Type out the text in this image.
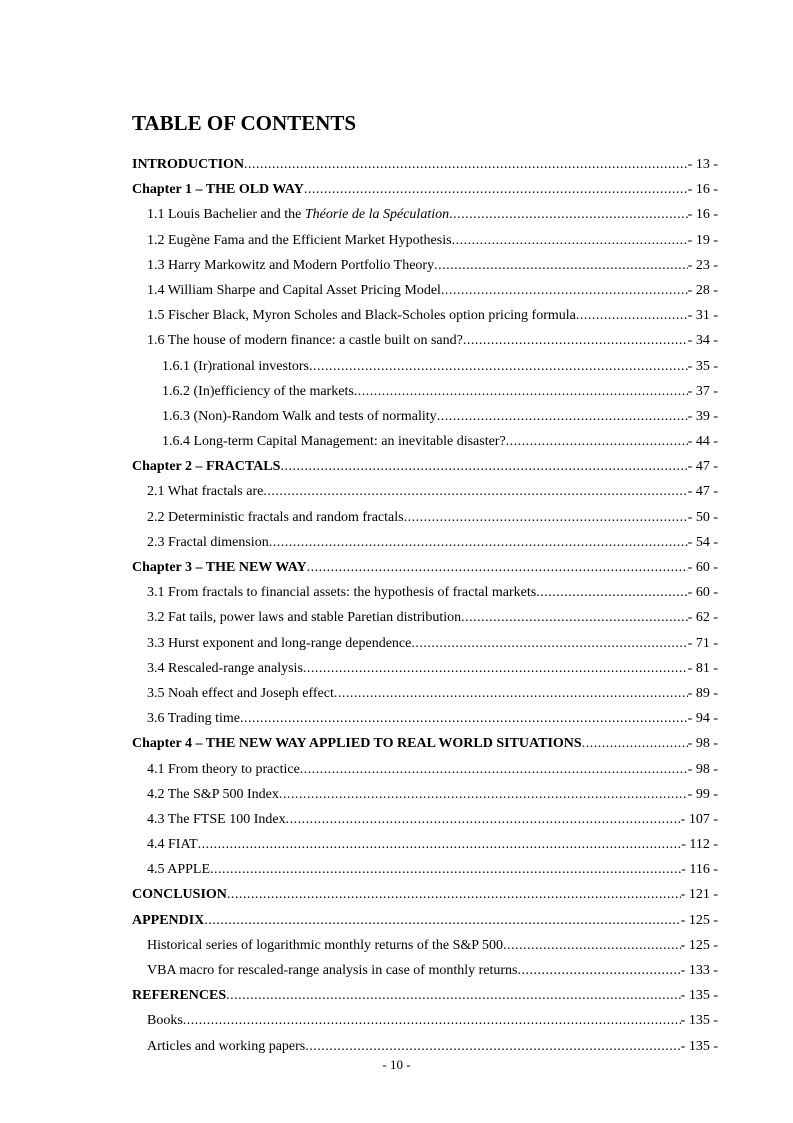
TABLE OF CONTENTS
INTRODUCTION .....	- 13 -
Chapter 1 – THE OLD WAY .....	- 16 -
1.1 Louis Bachelier and the Théorie de la Spéculation .....	- 16 -
1.2 Eugène Fama and the Efficient Market Hypothesis .....	- 19 -
1.3 Harry Markowitz and Modern Portfolio Theory .....	- 23 -
1.4 William Sharpe and Capital Asset Pricing Model .....	- 28 -
1.5 Fischer Black, Myron Scholes and Black-Scholes option pricing formula .....	- 31 -
1.6 The house of modern finance: a castle built on sand? .....	- 34 -
1.6.1 (Ir)rational investors .....	- 35 -
1.6.2 (In)efficiency of the markets .....	- 37 -
1.6.3 (Non)-Random Walk and tests of normality .....	- 39 -
1.6.4 Long-term Capital Management: an inevitable disaster? .....	- 44 -
Chapter 2 – FRACTALS .....	- 47 -
2.1 What fractals are .....	- 47 -
2.2 Deterministic fractals and random fractals .....	- 50 -
2.3 Fractal dimension .....	- 54 -
Chapter 3 – THE NEW WAY .....	- 60 -
3.1 From fractals to financial assets: the hypothesis of fractal markets .....	- 60 -
3.2 Fat tails, power laws and stable Paretian distribution .....	- 62 -
3.3 Hurst exponent and long-range dependence .....	- 71 -
3.4 Rescaled-range analysis .....	- 81 -
3.5 Noah effect and Joseph effect .....	- 89 -
3.6 Trading time .....	- 94 -
Chapter 4 – THE NEW WAY APPLIED TO REAL WORLD SITUATIONS .....	- 98 -
4.1 From theory to practice .....	- 98 -
4.2 The S&P 500 Index .....	- 99 -
4.3 The FTSE 100 Index .....	- 107 -
4.4 FIAT .....	- 112 -
4.5 APPLE .....	- 116 -
CONCLUSION .....	- 121 -
APPENDIX .....	- 125 -
Historical series of logarithmic monthly returns of the S&P 500 .....	- 125 -
VBA macro for rescaled-range analysis in case of monthly returns .....	- 133 -
REFERENCES .....	- 135 -
Books .....	- 135 -
Articles and working papers .....	- 135 -
- 10 -
